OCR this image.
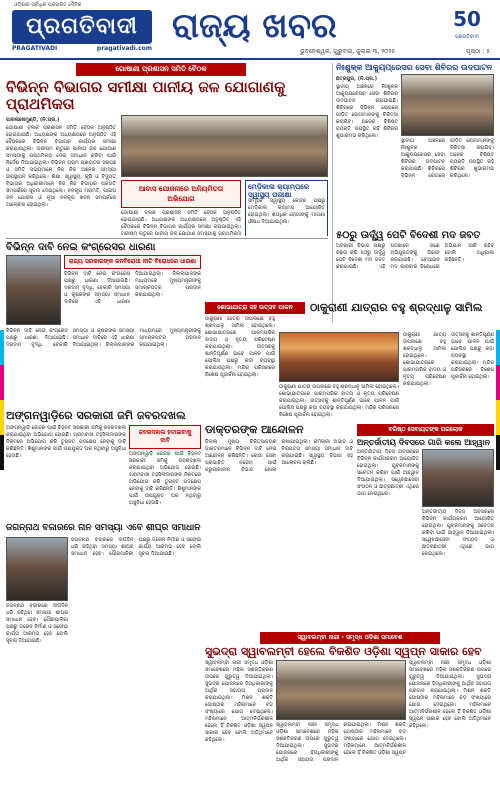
ଓଡ଼ିଶାର ସର୍ବାଧିକ ପ୍ରଚାରିତ ଦୈନିକ
ପ୍ରଗତିବାଦୀ
PRAGATIVADI	pragativadi.com
ରାଜ୍ୟ ଖବର	50
ପ୍ରଗତିବାଦୀ
ଭୁବନେଶ୍ୱର, ଗୁରୁବାର, ଜୁଲାଇ ୩, ୨୦୨୫	ପୃଷ୍ଠା : ୫
ଗୋଷାଣୀ ପ୍ରଶାସନ ସମିତି ବୈଠକ
ବିଭିନ୍ନ ବିଭାଗର ସମୀକ୍ଷା ପାନୀୟ ଜଳ ଯୋଗାଣକୁ ପ୍ରାଥମିକତା
ପାରଳାଖେମୁଣ୍ଡି, (ନି.ପ୍ର.)
ଗୋଷାଣୀ ବ୍ଲକ ପ୍ରଶାସନ ସମିତି ବୈଠକ ଅନୁଷ୍ଠିତ ହୋଇଯାଇଛି। ଅଧ୍ୟକ୍ଷଙ୍କ ଅଧ୍ୟକ୍ଷତାରେ ଅନୁଷ୍ଠିତ ଏହି ବୈଠକରେ ବିଭିନ୍ନ ବିଭାଗର କାର୍ଯ୍ୟର ସମୀକ୍ଷା କରାଯାଇଥିଲା। ଗ୍ରୀଷ୍ମ ଋତୁରେ ପାନୀୟ ଜଳ ଯୋଗାଣ ସମସ୍ୟାକୁ ପ୍ରାଥମିକତା ଦେଇ ସମାଧାନ କରିବା ପାଇଁ ନିର୍ଦ୍ଦେଶ ଦିଆଯାଇଥିଲା। ବିଭିନ୍ନ ଗ୍ରାମ ପଞ୍ଚାୟତର ସରପଞ୍ଚ ଓ ସମିତି ସଭ୍ୟମାନେ ନିଜ ନିଜ ଅଞ୍ଚଳର ସମସ୍ୟା ଉପସ୍ଥାପନ କରିଥିଲେ। ଶିକ୍ଷା, ସ୍ୱାସ୍ଥ୍ୟ, କୃଷି ଓ ବିଦ୍ୟୁତ ବିଭାଗର ଅଧିକାରୀମାନେ ନିଜ ନିଜ ବିଭାଗର ପ୍ରଗତି ସମ୍ପର୍କରେ ସୂଚନା ଦେଇଥିଲେ। ନଳକୂପ ମରାମତି, ପାଇପ ଜଳ ଯୋଜନା ଓ ନୂଆ ନଳକୂପ ଖନନ ସମ୍ପର୍କରେ ଆଲୋଚନା ହୋଇଥିଲା।
ଆବାସ ଯୋଜନାରେ ଅନିୟମିତତା ଅଭିଯୋଗ
ଗୋଷାଣୀ ବ୍ଲକ ପ୍ରଶାସନ ସମିତି ବୈଠକ ଅନୁଷ୍ଠିତ ହୋଇଯାଇଛି। ଅଧ୍ୟକ୍ଷଙ୍କ ଅଧ୍ୟକ୍ଷତାରେ ଅନୁଷ୍ଠିତ ଏହି ବୈଠକରେ ବିଭିନ୍ନ ବିଭାଗର କାର୍ଯ୍ୟର ସମୀକ୍ଷା କରାଯାଇଥିଲା। ଗ୍ରୀଷ୍ମ ଋତୁରେ ପାନୀୟ ଜଳ ଯୋଗାଣ ସମସ୍ୟାକୁ ପ୍ରାଥମିକତା
ମେଡ଼ିକାଲ କ୍ୟାମ୍ପରେ ସ୍ୱାସ୍ଥ୍ୟ ପରୀକ୍ଷା
ସାମୂହିକ ସ୍ୱାସ୍ଥ୍ୟ କେନ୍ଦ୍ର ପକ୍ଷରୁ ମେଡ଼ିକାଲ କ୍ୟାମ୍ପ ଆୟୋଜିତ ହୋଇଥିଲା। ଶତାଧିକ ରୋଗୀଙ୍କୁ ମାଗଣା ଔଷଧ ଦିଆଯାଇଥିଲା।
ନିଃଶୁଳ୍କ ଆକ୍ୟୁପ୍ରେସର ସେବା ଶିବିରର ଉଦଘାଟନ
ଛତ୍ରପୁର, (ନି.ପ୍ର.)
ସ୍ଥାନୀୟ ଅଞ୍ଚଳରେ ନିଃଶୁଳ୍କ ଆକ୍ୟୁପ୍ରେସର ସେବା ଶିବିରର ଉଦଘାଟନ କରାଯାଇଛି। ଶିବିରରେ ବିଭିନ୍ନ ରୋଗରେ ପୀଡ଼ିତ ରୋଗୀମାନଙ୍କୁ ଚିକିତ୍ସା କରାଯିବ। ଅନେକ ବିଶିଷ୍ଟ ବ୍ୟକ୍ତି ଉପସ୍ଥିତ ରହି ଶିବିରର ଶୁଭାରମ୍ଭ କରିଥିଲେ।
ସ୍ଥାନୀୟ ଅଞ୍ଚଳରେ ନିଃଶୁଳ୍କ ଆକ୍ୟୁପ୍ରେସର ସେବା ଶିବିରର ଉଦଘାଟନ କରାଯାଇଛି। ଶିବିରରେ ବିଭିନ୍ନ ରୋଗରେ ପୀଡ଼ିତ ରୋଗୀମାନଙ୍କୁ ଚିକିତ୍ସା କରାଯିବ। ଅନେକ ବିଶିଷ୍ଟ ବ୍ୟକ୍ତି ଉପସ୍ଥିତ ରହି ଶିବିରର ଶୁଭାରମ୍ଭ କରିଥିଲେ।
୫୦ରୁ ଊର୍ଦ୍ଧ୍ୱ ପେଟି ବିଦେଶୀ ମଦ ଜବତ
ଅବକାରୀ ବିଭାଗ ପକ୍ଷରୁ ଚଢ଼ଉ କରି ୫୦ରୁ ଊର୍ଦ୍ଧ୍ୱ ପେଟି ବିଦେଶୀ ମଦ ଜବତ କରାଯାଇଛି। ଏହି ଘଟଣାରେ ଜଣେ ଅଭିଯୁକ୍ତଙ୍କୁ ଗିରଫ କରାଯାଇଛି। ବେଆଇନ ମଦ କାରବାର ବିରୋଧରେ ଅଭିଯାନ ଜାରି ରହିବ ବୋଲି ଅଧିକାରୀ କହିଛନ୍ତି।
ବିଭିନ୍ନ ଦାବି ନେଇ କଂଗ୍ରେସର ଧାରଣା
ରାଜ୍ୟ ସରକାରଙ୍କ ଜନବିରୋଧୀ ନୀତି ବିରୋଧରେ ଧାରଣା
ବିଭିନ୍ନ ଦାବି ନେଇ କଂଗ୍ରେସ ପକ୍ଷରୁ ଧାରଣା ଦିଆଯାଇଛି। ଦରଦାମ ବୃଦ୍ଧି, ବେକାରି ସମସ୍ୟା ଓ କୃଷକଙ୍କ ସମସ୍ୟା ସମାଧାନ ଦାବିରେ ଏହି ଧାରଣା ଦିଆଯାଇଥିଲା। ଜିଲ୍ଲାପାଳଙ୍କ ମାଧ୍ୟମରେ ମୁଖ୍ୟମନ୍ତ୍ରୀଙ୍କୁ ସ୍ମାରକପତ୍ର ପ୍ରଦାନ କରାଯାଇଥିଲା।
ବିଭିନ୍ନ ଦାବି ନେଇ କଂଗ୍ରେସ ପକ୍ଷରୁ ଧାରଣା ଦିଆଯାଇଛି। ଦରଦାମ ବୃଦ୍ଧି, ବେକାରି ସମସ୍ୟା ଓ କୃଷକଙ୍କ ସମସ୍ୟା ସମାଧାନ ଦାବିରେ ଏହି ଧାରଣା ଦିଆଯାଇଥିଲା। ଜିଲ୍ଲାପାଳଙ୍କ ମାଧ୍ୟମରେ ମୁଖ୍ୟମନ୍ତ୍ରୀଙ୍କୁ ସ୍ମାରକପତ୍ର ପ୍ରଦାନ କରାଯାଇଥିଲା।
ଶୋଭାଯାତ୍ରା ସହ ଉତ୍ସବ ପାଳନ	ଠାକୁରାଣୀ ଯାତ୍ରାର ବହୁ ଶ୍ରଦ୍ଧାଳୁ ସାମିଲ
ଠାକୁରାଣୀ ଯାତ୍ରା ଉପଲକ୍ଷେ ବହୁ ଶ୍ରଦ୍ଧାଳୁ ସାମିଲ ହୋଇଥିଲେ। ଶୋଭାଯାତ୍ରାରେ ପାରମ୍ପରିକ ବାଦ୍ୟ ଓ ନୃତ୍ୟ ପରିବେଷଣ କରାଯାଇଥିଲା। ଉତ୍ସବକୁ ଶାନ୍ତିପୂର୍ଣ୍ଣ ଭାବେ ପାଳନ ପାଇଁ ପୋଲିସ ପକ୍ଷରୁ କଡ଼ା ବ୍ୟବସ୍ଥା କରାଯାଇଥିଲା। ମନ୍ଦିର ପରିସରରେ ବିଶେଷ ପୂଜାର୍ଚ୍ଚନା ହୋଇଥିଲା।
ଠାକୁରାଣୀ ଯାତ୍ରା ଉପଲକ୍ଷେ ବହୁ ଶ୍ରଦ୍ଧାଳୁ ସାମିଲ ହୋଇଥିଲେ। ଶୋଭାଯାତ୍ରାରେ ପାରମ୍ପରିକ ବାଦ୍ୟ ଓ ନୃତ୍ୟ ପରିବେଷଣ କରାଯାଇଥିଲା। ଉତ୍ସବକୁ ଶାନ୍ତିପୂର୍ଣ୍ଣ ଭାବେ ପାଳନ ପାଇଁ ପୋଲିସ ପକ୍ଷରୁ କଡ଼ା ବ୍ୟବସ୍ଥା କରାଯାଇଥିଲା। ମନ୍ଦିର ପରିସରରେ ବିଶେଷ ପୂଜାର୍ଚ୍ଚନା ହୋଇଥିଲା।
ଠାକୁରାଣୀ ଯାତ୍ରା ଉପଲକ୍ଷେ ବହୁ ଶ୍ରଦ୍ଧାଳୁ ସାମିଲ ହୋଇଥିଲେ। ଶୋଭାଯାତ୍ରାରେ ପାରମ୍ପରିକ ବାଦ୍ୟ ଓ ନୃତ୍ୟ ପରିବେଷଣ କରାଯାଇଥିଲା। ଉତ୍ସବକୁ ଶାନ୍ତିପୂର୍ଣ୍ଣ ଭାବେ ପାଳନ ପାଇଁ ପୋଲିସ ପକ୍ଷରୁ କଡ଼ା ବ୍ୟବସ୍ଥା କରାଯାଇଥିଲା। ମନ୍ଦିର ପରିସରରେ ବିଶେଷ ପୂଜାର୍ଚ୍ଚନା ହୋଇଥିଲା।
ଅଙ୍ଗନୱାଡ଼ିରେ ସରକାରୀ ଜମି ଜବରଦଖଲ
ଅଙ୍ଗନୱାଡ଼ି କେନ୍ଦ୍ର ପାଇଁ ଚିହ୍ନଟ ସରକାରୀ ଜମିକୁ ଜବରଦଖଲ କରାଯାଇଥିବା ଅଭିଯୋଗ ହୋଇଛି। ଗ୍ରାମବାସୀ ତହସିଲଦାରଙ୍କ ନିକଟରେ ଅଭିଯୋଗ କରି ତୁରନ୍ତ ପଦକ୍ଷେପ ନେବାକୁ ଦାବି କରିଛନ୍ତି। ଶିଶୁମାନଙ୍କ ପାଇଁ ଉପଯୁକ୍ତ ଘର ନଥିବାରୁ ଅସୁବିଧା ହେଉଛି।
ଜବରଦଖଲ ହଟାଇବାକୁ ଦାବି
ଅଙ୍ଗନୱାଡ଼ି କେନ୍ଦ୍ର ପାଇଁ ଚିହ୍ନଟ ସରକାରୀ ଜମିକୁ ଜବରଦଖଲ କରାଯାଇଥିବା ଅଭିଯୋଗ ହୋଇଛି। ଗ୍ରାମବାସୀ ତହସିଲଦାରଙ୍କ ନିକଟରେ ଅଭିଯୋଗ କରି ତୁରନ୍ତ ପଦକ୍ଷେପ ନେବାକୁ ଦାବି କରିଛନ୍ତି। ଶିଶୁମାନଙ୍କ ପାଇଁ ଉପଯୁକ୍ତ ଘର ନଥିବାରୁ ଅସୁବିଧା ହେଉଛି।
ଡାକ୍ତରଙ୍କ ଆନ୍ଦୋଳନ
ଜିଲ୍ଲା ମୁଖ୍ୟ ଚିକିତ୍ସାଳୟର ଡାକ୍ତରମାନେ ବିଭିନ୍ନ ଦାବି ନେଇ ଆନ୍ଦୋଳନ କରିଛନ୍ତି। ରୋଗୀ ସେବା ପ୍ରଭାବିତ ନହେବା ପାଇଁ ଜରୁରୀକାଳୀନ ବିଭାଗ ଖୋଲା ରଖାଯାଇଥିଲା। କର୍ମଚାରୀ ଅଭାବ ଓ ନିରାପତ୍ତା ସମସ୍ୟା ସମାଧାନ ଦାବି କରାଯାଇଛି। ସ୍ୱାସ୍ଥ୍ୟ ବିଭାଗ ସହ ଆଲୋଚନା ଚାଲିଛି।
ବରିଷ୍ଠ ସେବାୟତଙ୍କ ପରଲୋକ
ଅନ୍ତର୍ଜାତୀୟ ଦିବସରେ ଗାରି କଲେ ଆହ୍ୱାନ
ଅନ୍ତର୍ଜାତୀୟ ଦିବସ ଅବସରରେ ବିଭିନ୍ନ କାର୍ଯ୍ୟକ୍ରମ ଆୟୋଜିତ ହୋଇଥିଲା। ଯୁବକମାନଙ୍କୁ ସଚେତନ କରିବା ପାଇଁ ଆହ୍ୱାନ ଦିଆଯାଇଥିଲା। ସ୍ୱେଚ୍ଛାସେବୀ ସଂଗଠନ ଓ ଛାତ୍ରଛାତ୍ରୀ ଏଥିରେ ଭାଗ ନେଇଥିଲେ।
ଅନ୍ତର୍ଜାତୀୟ ଦିବସ ଅବସରରେ ବିଭିନ୍ନ କାର୍ଯ୍ୟକ୍ରମ ଆୟୋଜିତ ହୋଇଥିଲା। ଯୁବକମାନଙ୍କୁ ସଚେତନ କରିବା ପାଇଁ ଆହ୍ୱାନ ଦିଆଯାଇଥିଲା। ସ୍ୱେଚ୍ଛାସେବୀ ସଂଗଠନ ଓ ଛାତ୍ରଛାତ୍ରୀ ଏଥିରେ ଭାଗ ନେଇଥିଲେ।
ଜଗନ୍ନାଥ ବଜାରରେ ନାନ ସମସ୍ୟା ଏବେ ଶୀଘ୍ର ସମାଧାନ
ଜଗନ୍ନାଥ ବଜାରରେ ଦୀର୍ଘଦିନ ଧରି ରହିଥିବା ସମସ୍ୟା ଶୀଘ୍ର ସମାଧାନ ହେବ। ପୌରପାଳିକା ପକ୍ଷରୁ ଡ୍ରେନ ନିର୍ମାଣ ଓ ସଫେଇ କାର୍ଯ୍ୟ ଆରମ୍ଭ ହେବ ବୋଲି ସୂଚନା ଦିଆଯାଇଛି।
ଜଗନ୍ନାଥ ବଜାରରେ ଦୀର୍ଘଦିନ ଧରି ରହିଥିବା ସମସ୍ୟା ଶୀଘ୍ର ସମାଧାନ ହେବ। ପୌରପାଳିକା ପକ୍ଷରୁ ଡ୍ରେନ ନିର୍ମାଣ ଓ ସଫେଇ କାର୍ଯ୍ୟ ଆରମ୍ଭ ହେବ ବୋଲି ସୂଚନା ଦିଆଯାଇଛି।
ସ୍ୱାବଲମ୍ବୀ ନାରୀ - ସମୃଦ୍ଧ ଓଡ଼ିଶା ସମାବେଶ
ସୁଭଦ୍ରା ସ୍ୱାବଲମ୍ବୀ ହେଲେ ବିକଶିତ ଓଡ଼ିଶା ସ୍ୱପ୍ନ ସାକାର ହେବ
ସ୍ୱାବଲମ୍ବୀ ନାରୀ ସମୃଦ୍ଧ ଓଡ଼ିଶା ସମାବେଶରେ ମହିଳା ସଶକ୍ତିକରଣ ଉପରେ ଗୁରୁତ୍ୱ ଦିଆଯାଇଥିଲା। ସୁଭଦ୍ରା ଯୋଜନାରେ ହିତାଧିକାରୀଙ୍କୁ ଆର୍ଥିକ ସହାୟତା ପ୍ରଦାନ କରାଯାଇଥିଲା। ମିଶନ ଶକ୍ତି ଗୋଷ୍ଠୀର ମହିଳାମାନେ ବଡ଼ ସଂଖ୍ୟାରେ ଯୋଗ ଦେଇଥିଲେ। ମହିଳାମାନେ ଆତ୍ମନିର୍ଭରଶୀଳ ହେଲେ ହିଁ ବିକଶିତ ଓଡ଼ିଶା ସ୍ୱପ୍ନ ସାକାର ହେବ ବୋଲି ଅତିଥିମାନେ କହିଥିଲେ।
ସ୍ୱାବଲମ୍ବୀ ନାରୀ ସମୃଦ୍ଧ ଓଡ଼ିଶା ସମାବେଶରେ ମହିଳା ସଶକ୍ତିକରଣ ଉପରେ ଗୁରୁତ୍ୱ ଦିଆଯାଇଥିଲା। ସୁଭଦ୍ରା ଯୋଜନାରେ ହିତାଧିକାରୀଙ୍କୁ ଆର୍ଥିକ ସହାୟତା ପ୍ରଦାନ କରାଯାଇଥିଲା। ମିଶନ ଶକ୍ତି ଗୋଷ୍ଠୀର ମହିଳାମାନେ ବଡ଼ ସଂଖ୍ୟାରେ ଯୋଗ ଦେଇଥିଲେ। ମହିଳାମାନେ ଆତ୍ମନିର୍ଭରଶୀଳ ହେଲେ ହିଁ ବିକଶିତ ଓଡ଼ିଶା ସ୍ୱପ୍ନ
ସ୍ୱାବଲମ୍ବୀ ନାରୀ ସମୃଦ୍ଧ ଓଡ଼ିଶା ସମାବେଶରେ ମହିଳା ସଶକ୍ତିକରଣ ଉପରେ ଗୁରୁତ୍ୱ ଦିଆଯାଇଥିଲା। ସୁଭଦ୍ରା ଯୋଜନାରେ ହିତାଧିକାରୀଙ୍କୁ ଆର୍ଥିକ ସହାୟତା ପ୍ରଦାନ କରାଯାଇଥିଲା। ମିଶନ ଶକ୍ତି ଗୋଷ୍ଠୀର ମହିଳାମାନେ ବଡ଼ ସଂଖ୍ୟାରେ ଯୋଗ ଦେଇଥିଲେ। ମହିଳାମାନେ ଆତ୍ମନିର୍ଭରଶୀଳ ହେଲେ ହିଁ ବିକଶିତ ଓଡ଼ିଶା ସ୍ୱପ୍ନ ସାକାର ହେବ ବୋଲି ଅତିଥିମାନେ କହିଥିଲେ।
